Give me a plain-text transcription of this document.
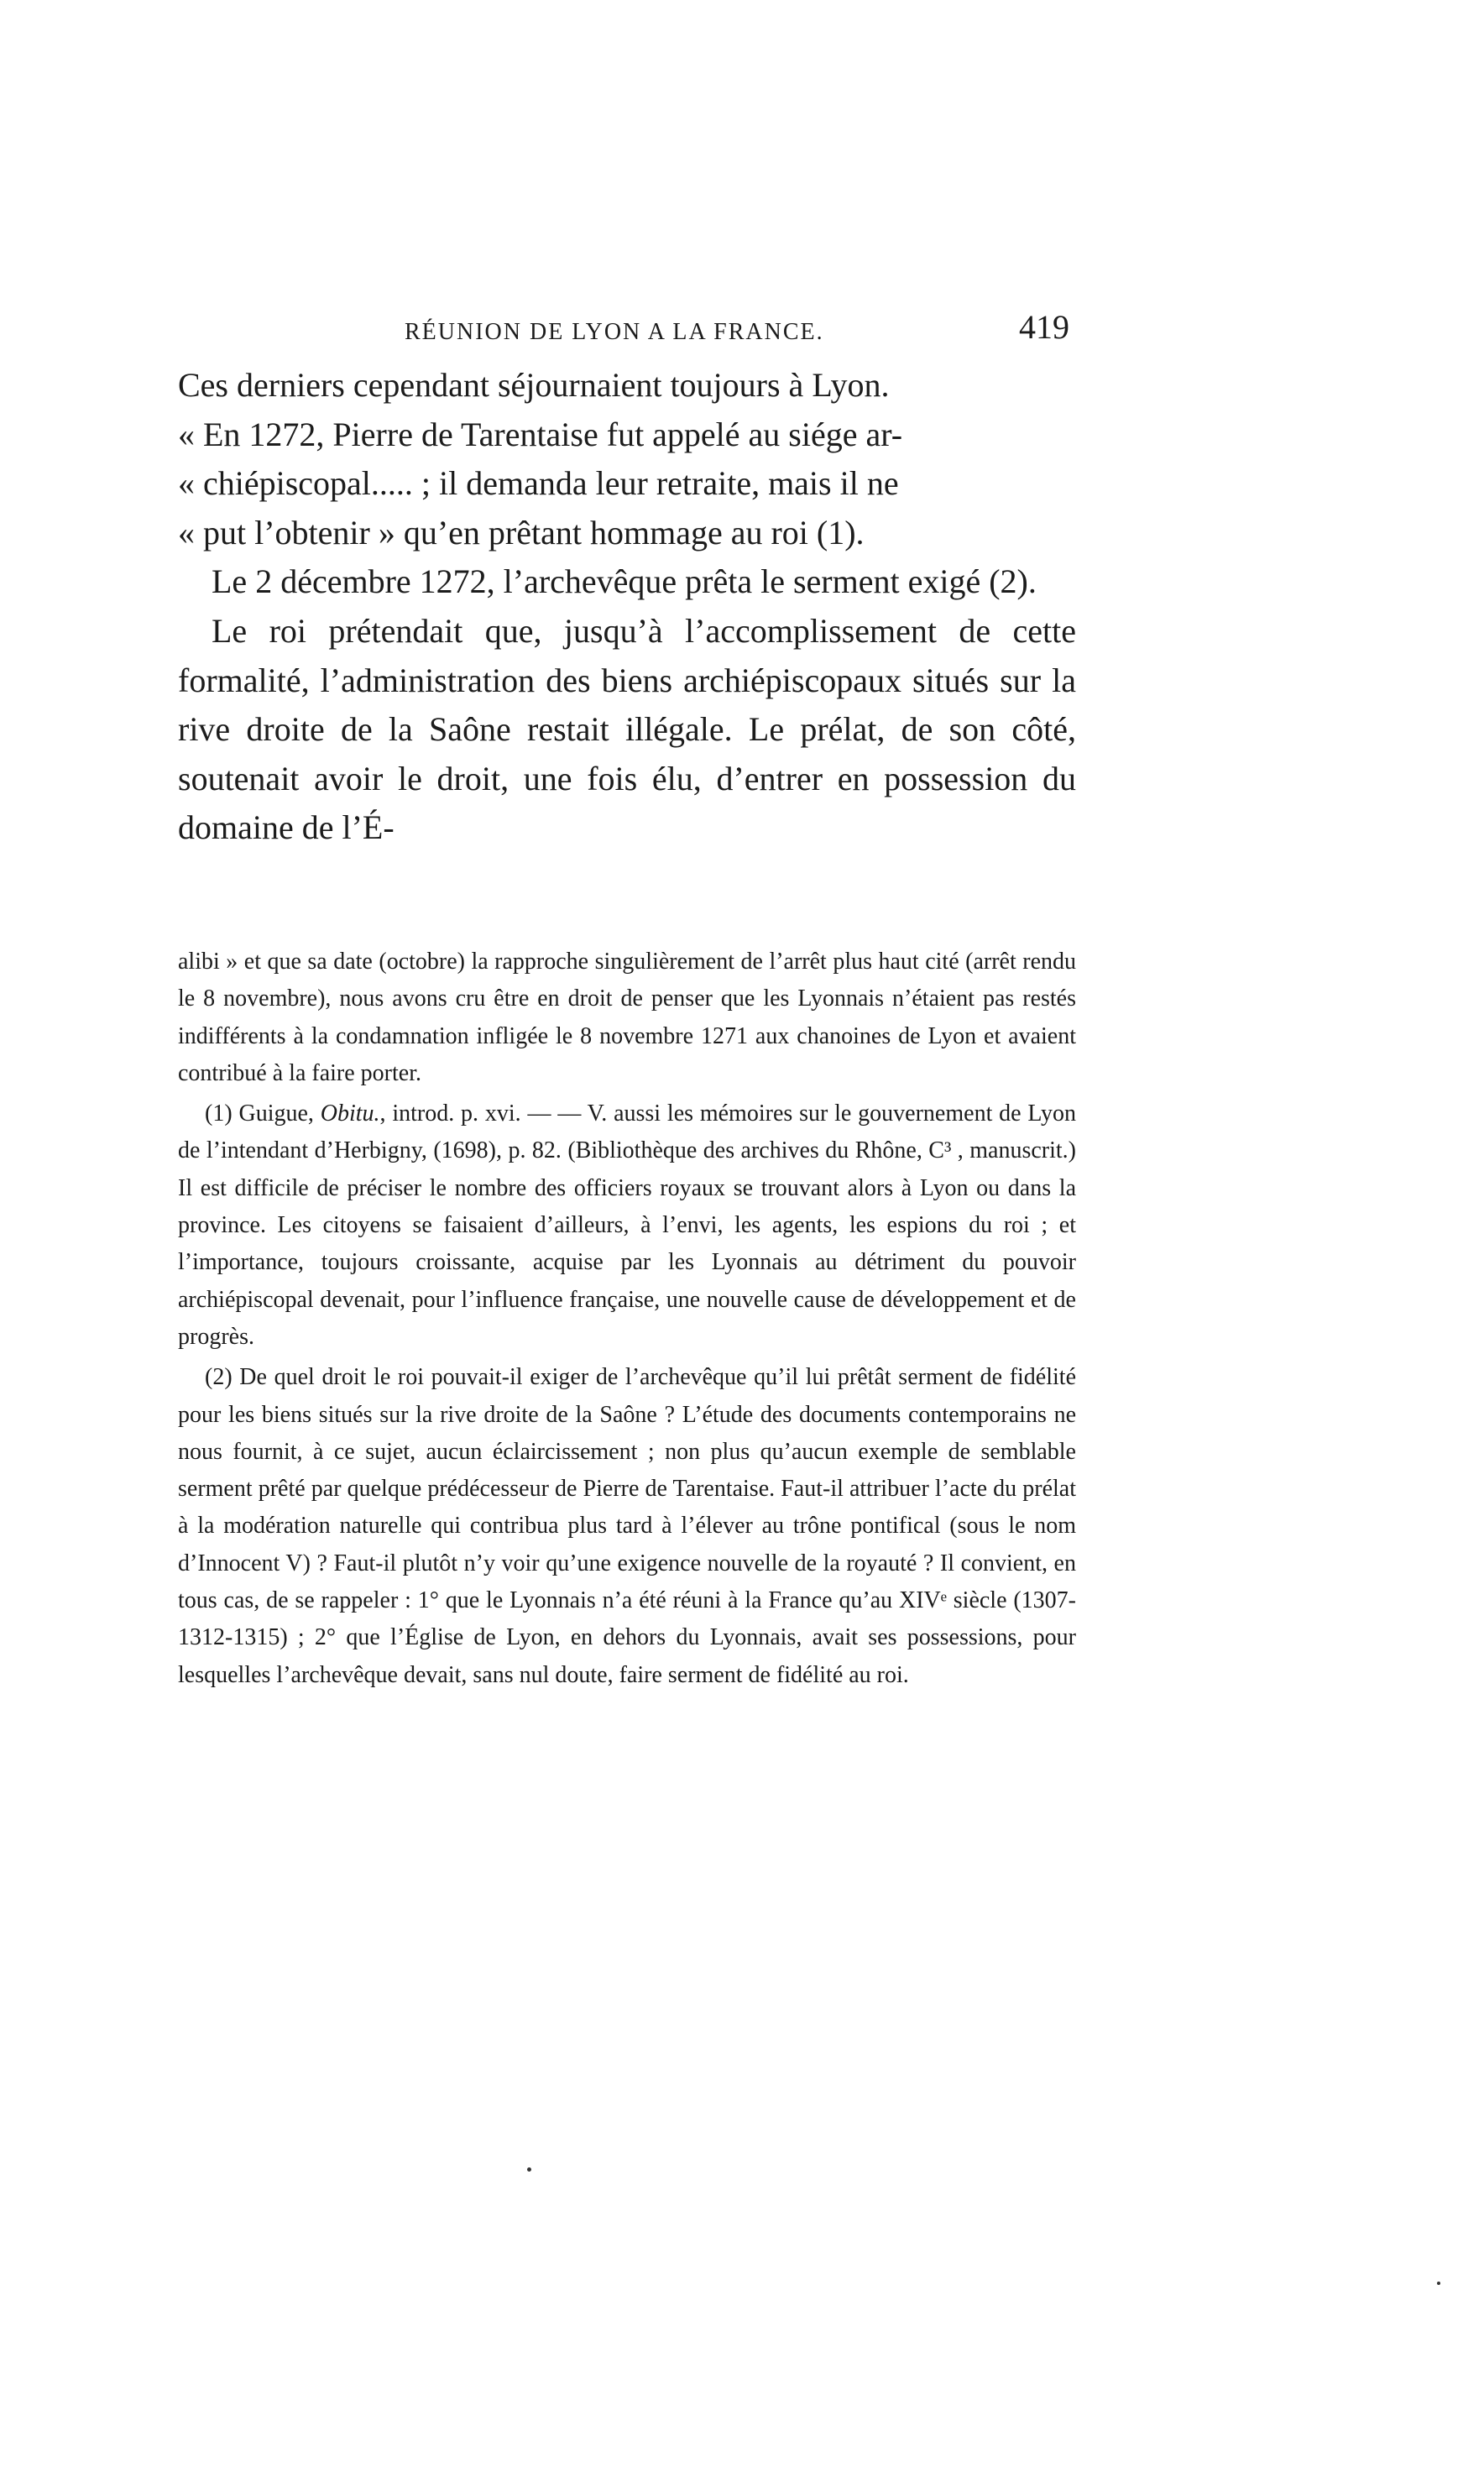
RÉUNION DE LYON A LA FRANCE.	419

Ces derniers cependant séjournaient toujours à Lyon.
« En 1272, Pierre de Tarentaise fut appelé au siége ar-
« chiépiscopal..... ; il demanda leur retraite, mais il ne
« put l’obtenir » qu’en prêtant hommage au roi (1).

Le 2 décembre 1272, l’archevêque prêta le serment exigé (2).

Le roi prétendait que, jusqu’à l’accomplissement de cette formalité, l’administration des biens archiépiscopaux situés sur la rive droite de la Saône restait illégale. Le prélat, de son côté, soutenait avoir le droit, une fois élu, d’entrer en possession du domaine de l’É-

alibi » et que sa date (octobre) la rapproche singulièrement de l’arrêt plus haut cité (arrêt rendu le 8 novembre), nous avons cru être en droit de penser que les Lyonnais n’étaient pas restés indifférents à la condamnation infligée le 8 novembre 1271 aux chanoines de Lyon et avaient contribué à la faire porter.

(1) Guigue, Obitu., introd. p. xvi. — — V. aussi les mémoires sur le gouvernement de Lyon de l’intendant d’Herbigny, (1698), p. 82. (Bibliothèque des archives du Rhône, C³ , manuscrit.) Il est difficile de préciser le nombre des officiers royaux se trouvant alors à Lyon ou dans la province. Les citoyens se faisaient d’ailleurs, à l’envi, les agents, les espions du roi ; et l’importance, toujours croissante, acquise par les Lyonnais au détriment du pouvoir archiépiscopal devenait, pour l’influence française, une nouvelle cause de développement et de progrès.

(2) De quel droit le roi pouvait-il exiger de l’archevêque qu’il lui prêtât serment de fidélité pour les biens situés sur la rive droite de la Saône ? L’étude des documents contemporains ne nous fournit, à ce sujet, aucun éclaircissement ; non plus qu’aucun exemple de semblable serment prêté par quelque prédécesseur de Pierre de Tarentaise. Faut-il attribuer l’acte du prélat à la modération naturelle qui contribua plus tard à l’élever au trône pontifical (sous le nom d’Innocent V) ? Faut-il plutôt n’y voir qu’une exigence nouvelle de la royauté ? Il convient, en tous cas, de se rappeler : 1° que le Lyonnais n’a été réuni à la France qu’au XIVᵉ siècle (1307-1312-1315) ; 2° que l’Église de Lyon, en dehors du Lyonnais, avait ses possessions, pour lesquelles l’archevêque devait, sans nul doute, faire serment de fidélité au roi.
